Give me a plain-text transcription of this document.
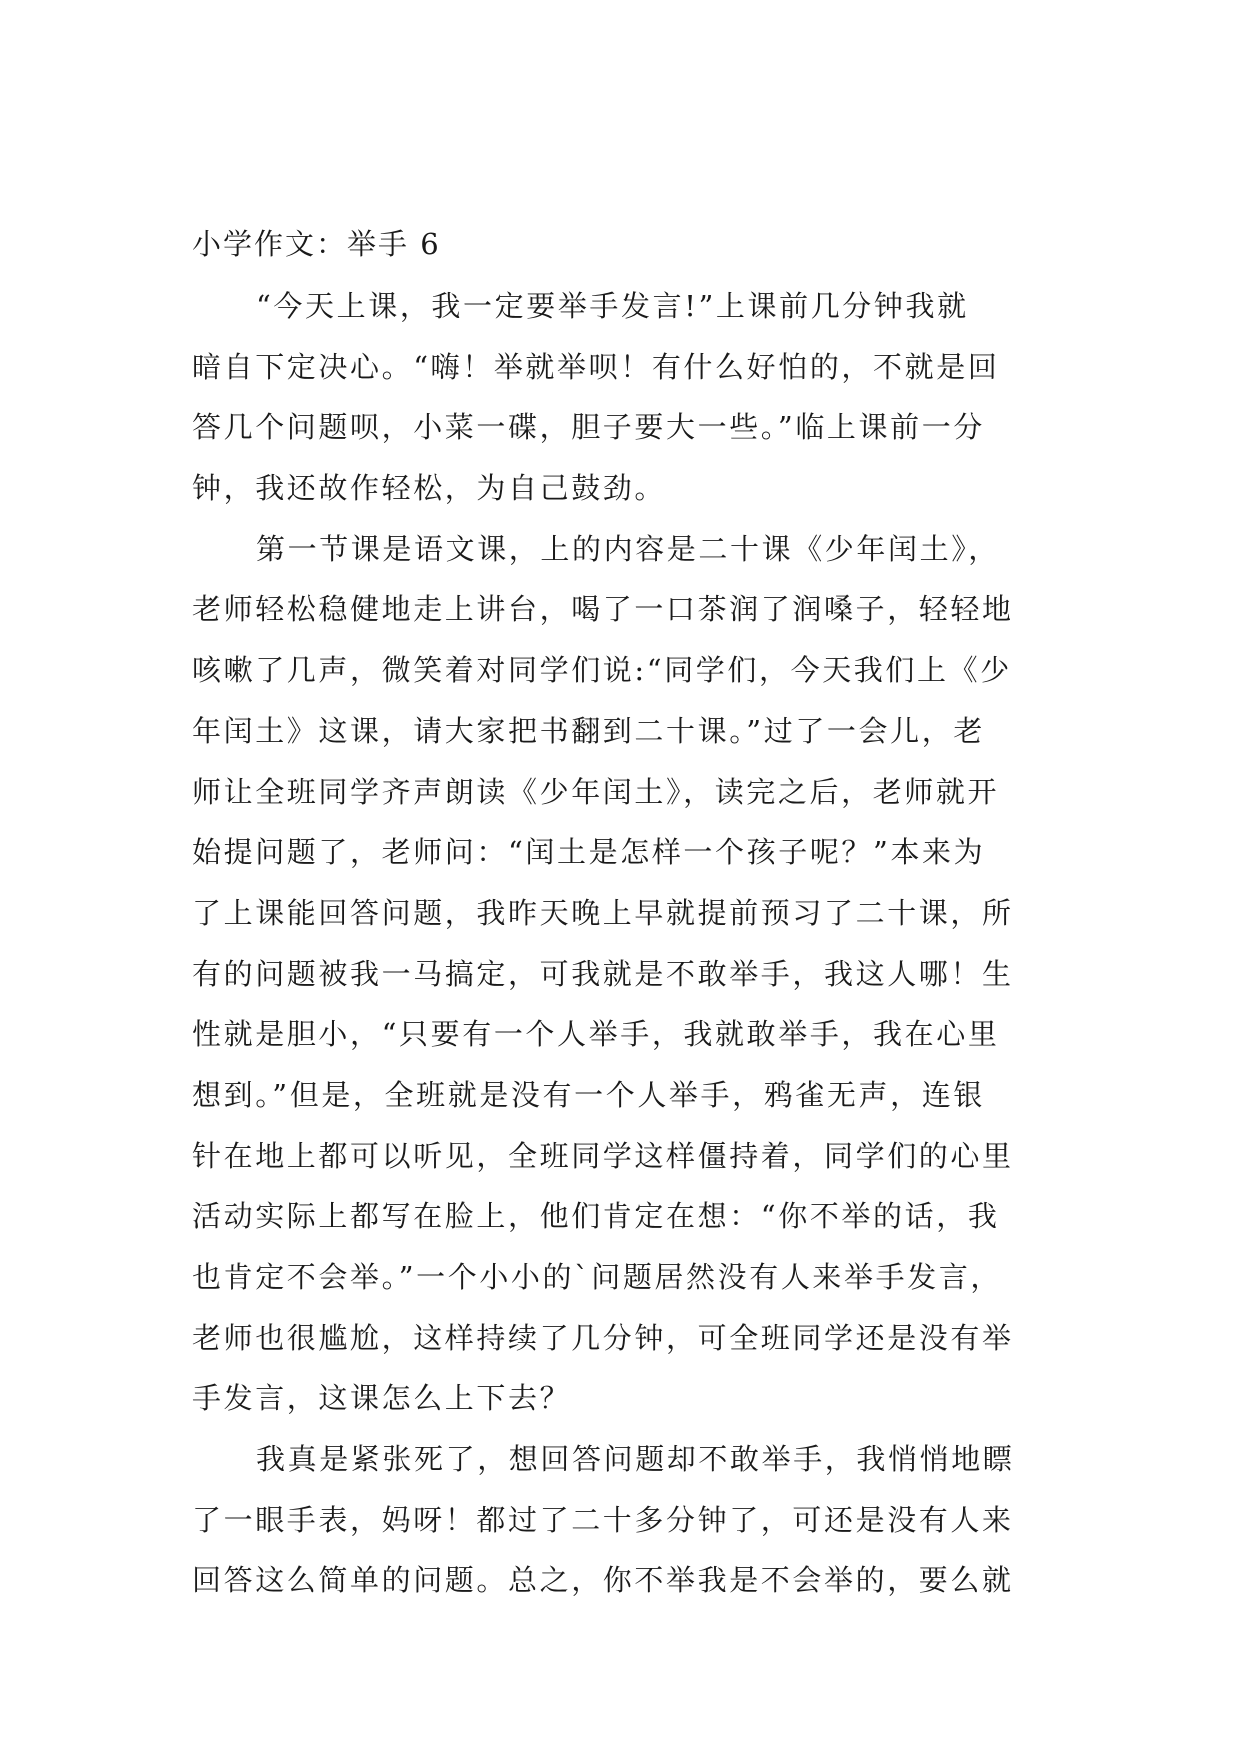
小学作文：举手 6
“今天上课，我一定要举手发言!”上课前几分钟我就
暗自下定决心。“嗨！举就举呗！有什么好怕的，不就是回
答几个问题呗，小菜一碟，胆子要大一些。”临上课前一分
钟，我还故作轻松，为自己鼓劲。
第一节课是语文课，上的内容是二十课《少年闰土》，
老师轻松稳健地走上讲台，喝了一口茶润了润嗓子，轻轻地
咳嗽了几声，微笑着对同学们说:“同学们，今天我们上《少
年闰土》这课，请大家把书翻到二十课。”过了一会儿，老
师让全班同学齐声朗读《少年闰土》，读完之后，老师就开
始提问题了，老师问：“闰土是怎样一个孩子呢？”本来为
了上课能回答问题，我昨天晚上早就提前预习了二十课，所
有的问题被我一马搞定，可我就是不敢举手，我这人哪！生
性就是胆小，“只要有一个人举手，我就敢举手，我在心里
想到。”但是，全班就是没有一个人举手，鸦雀无声，连银
针在地上都可以听见，全班同学这样僵持着，同学们的心里
活动实际上都写在脸上，他们肯定在想：“你不举的话，我
也肯定不会举。”一个小小的`问题居然没有人来举手发言，
老师也很尴尬，这样持续了几分钟，可全班同学还是没有举
手发言，这课怎么上下去？
我真是紧张死了，想回答问题却不敢举手，我悄悄地瞟
了一眼手表，妈呀！都过了二十多分钟了，可还是没有人来
回答这么简单的问题。总之，你不举我是不会举的，要么就
